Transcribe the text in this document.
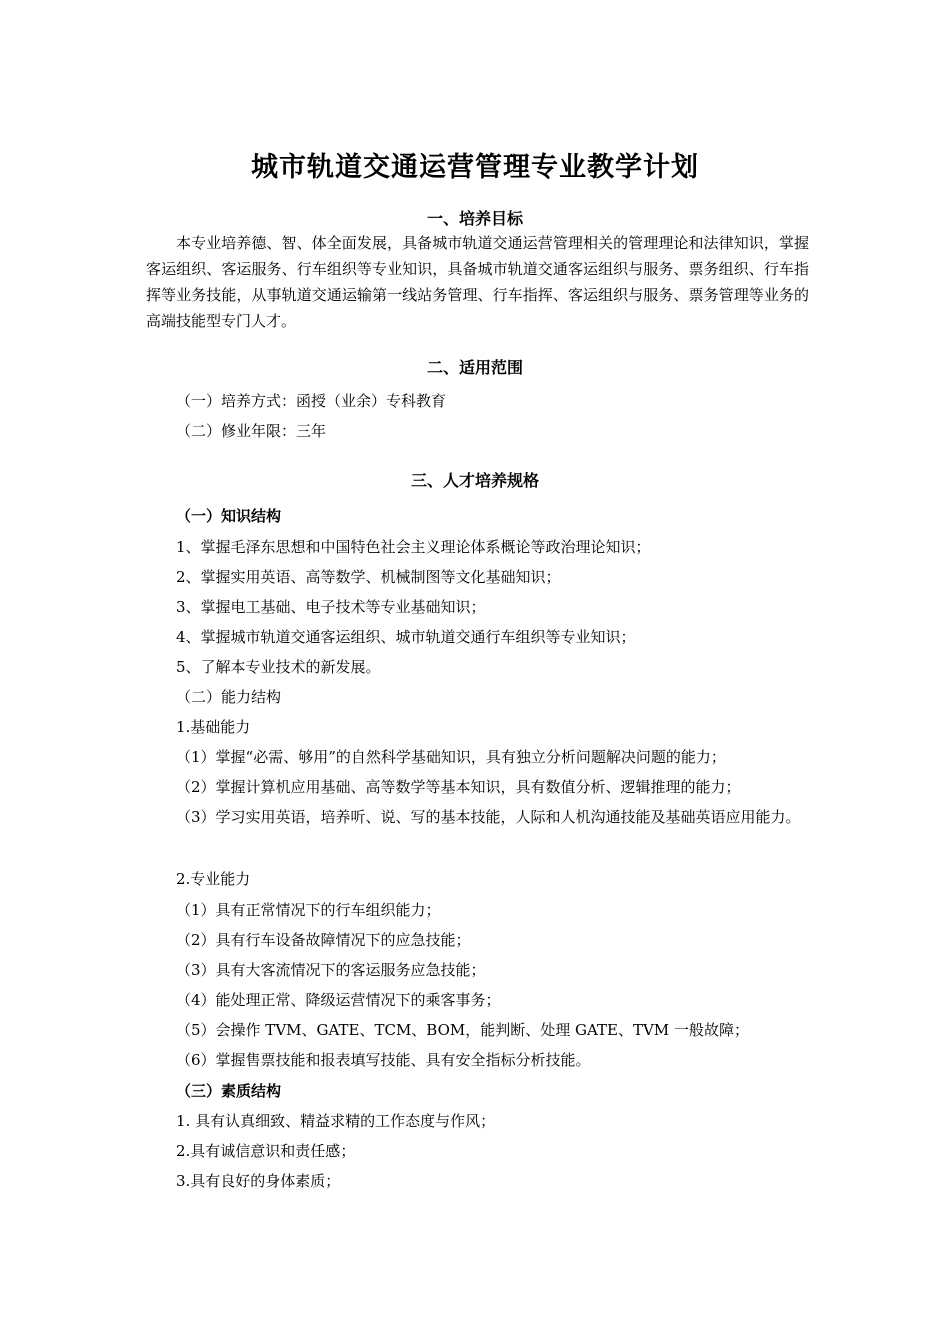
城市轨道交通运营管理专业教学计划
一、培养目标
本专业培养德、智、体全面发展，具备城市轨道交通运营管理相关的管理理论和法律知识，掌握客运组织、客运服务、行车组织等专业知识，具备城市轨道交通客运组织与服务、票务组织、行车指挥等业务技能，从事轨道交通运输第一线站务管理、行车指挥、客运组织与服务、票务管理等业务的高端技能型专门人才。
二、适用范围
（一）培养方式：函授（业余）专科教育
（二）修业年限：三年
三、人才培养规格
（一）知识结构
1、掌握毛泽东思想和中国特色社会主义理论体系概论等政治理论知识；
2、掌握实用英语、高等数学、机械制图等文化基础知识；
3、掌握电工基础、电子技术等专业基础知识；
4、掌握城市轨道交通客运组织、城市轨道交通行车组织等专业知识；
5、了解本专业技术的新发展。
（二）能力结构
1.基础能力
（1）掌握“必需、够用”的自然科学基础知识，具有独立分析问题解决问题的能力；
（2）掌握计算机应用基础、高等数学等基本知识，具有数值分析、逻辑推理的能力；
（3）学习实用英语，培养听、说、写的基本技能，人际和人机沟通技能及基础英语应用能力。
2.专业能力
（1）具有正常情况下的行车组织能力；
（2）具有行车设备故障情况下的应急技能；
（3）具有大客流情况下的客运服务应急技能；
（4）能处理正常、降级运营情况下的乘客事务；
（5）会操作 TVM、GATE、TCM、BOM，能判断、处理 GATE、TVM 一般故障；
（6）掌握售票技能和报表填写技能、具有安全指标分析技能。
（三）素质结构
1. 具有认真细致、精益求精的工作态度与作风；
2.具有诚信意识和责任感；
3.具有良好的身体素质；
